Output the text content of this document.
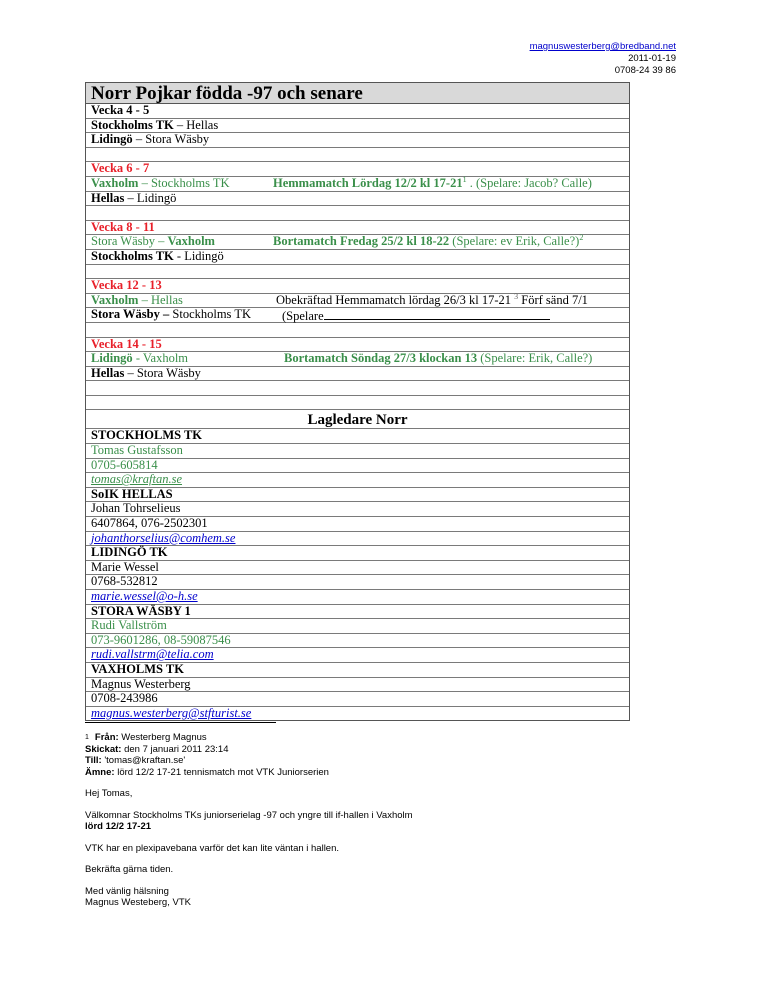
magnuswesterberg@bredband.net
2011-01-19
0708-24 39 86
Norr Pojkar födda -97 och senare
Vecka 4 - 5
Stockholms TK – Hellas
Lidingö – Stora Wäsby
Vecka 6 - 7
Vaxholm – Stockholms TK	Hemmamatch Lördag 12/2 kl $17-21^1$ . (Spelare: Jacob? Calle)
Hellas – Lidingö
Vecka 8 - 11
Stora Wäsby – Vaxholm	Bortamatch Fredag 25/2 kl 18-22 (Spelare: ev Erik, Calle?)$^2$
Stockholms TK - Lidingö
Vecka 12 - 13
Vaxholm – Hellas	Obekräftad Hemmamatch lördag 26/3 kl 17-21 $^3$ Förf sänd 7/1
Stora Wäsby – Stockholms TK (Spelare
Vecka 14 - 15
Lidingö - Vaxholm	Bortamatch Söndag 27/3 klockan 13 (Spelare: Erik, Calle?)
Hellas – Stora Wäsby
Lagledare Norr
STOCKHOLMS TK
Tomas Gustafsson
0705-605814
tomas@kraftan.se
SoIK HELLAS
Johan Tohrselieus
6407864, 076-2502301
johanthorselius@comhem.se
LIDINGÖ TK
Marie Wessel
0768-532812
marie.wessel@o-h.se
STORA WÄSBY 1
Rudi Vallström
073-9601286, 08-59087546
rudi.vallstrm@telia.com
VAXHOLMS TK
Magnus Westerberg
0708-243986
magnus.westerberg@stfturist.se

$^1$ Från: Westerberg Magnus

Skickat: den 7 januari 2011 23:14

Till: 'tomas@kraftan.se'

Ämne: lörd 12/2 17-21 tennismatch mot VTK Juniorserien

Hej Tomas,

Välkomnar Stockholms TKs juniorserielag -97 och yngre till if-hallen i Vaxholm

lörd 12/2 17-21

VTK har en plexipavebana varför det kan lite väntan i hallen.

Bekräfta gärna tiden.

Med vänlig hälsning

Magnus Westeberg, VTK
